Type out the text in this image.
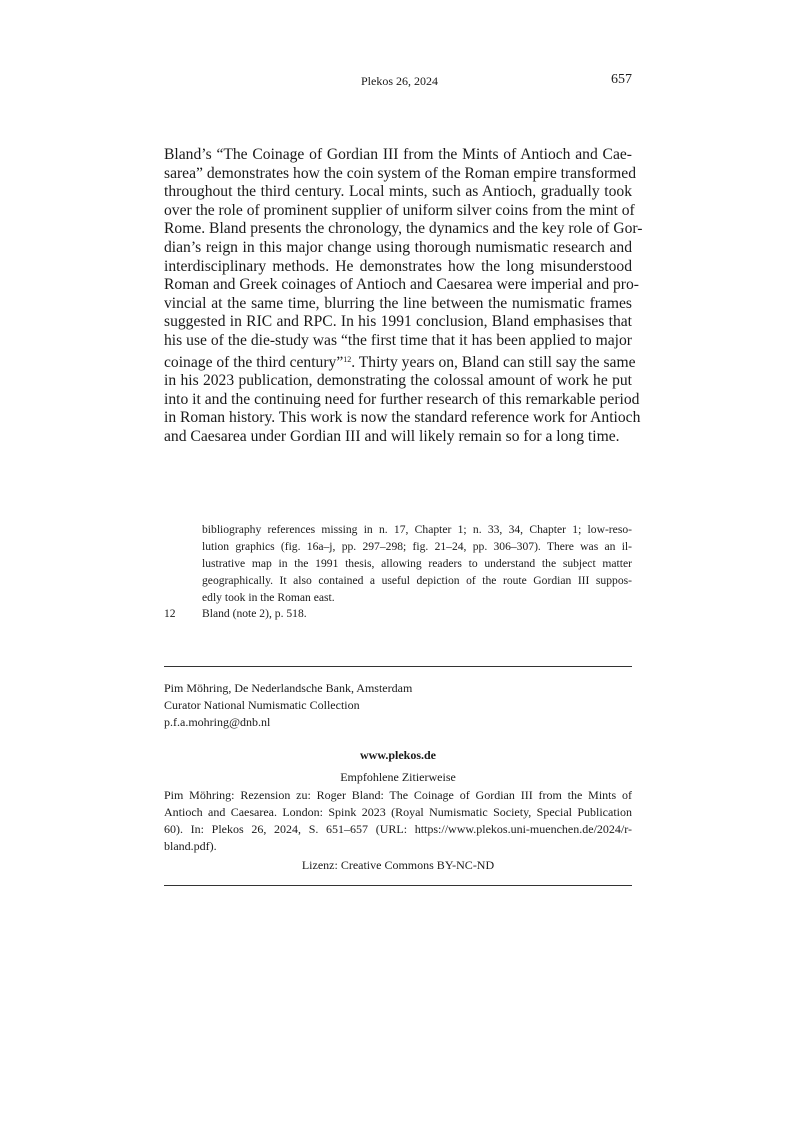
Plekos 26, 2024	657
Bland’s “The Coinage of Gordian III from the Mints of Antioch and Cae-
sarea” demonstrates how the coin system of the Roman empire transformed
throughout the third century. Local mints, such as Antioch, gradually took
over the role of prominent supplier of uniform silver coins from the mint of
Rome. Bland presents the chronology, the dynamics and the key role of Gor-
dian’s reign in this major change using thorough numismatic research and
interdisciplinary methods. He demonstrates how the long misunderstood
Roman and Greek coinages of Antioch and Caesarea were imperial and pro-
vincial at the same time, blurring the line between the numismatic frames
suggested in RIC and RPC. In his 1991 conclusion, Bland emphasises that
his use of the die-study was “the first time that it has been applied to major
coinage of the third century”$^{12}$. Thirty years on, Bland can still say the same
in his 2023 publication, demonstrating the colossal amount of work he put
into it and the continuing need for further research of this remarkable period
in Roman history. This work is now the standard reference work for Antioch
and Caesarea under Gordian III and will likely remain so for a long time.
bibliography references missing in n. 17, Chapter 1; n. 33, 34, Chapter 1; low-reso-
lution graphics (fig. 16a–j, pp. 297–298; fig. 21–24, pp. 306–307). There was an il-
lustrative map in the 1991 thesis, allowing readers to understand the subject matter
geographically. It also contained a useful depiction of the route Gordian III suppos-
edly took in the Roman east.
12 Bland (note 2), p. 518.
Pim Möhring, De Nederlandsche Bank, Amsterdam
Curator National Numismatic Collection
p.f.a.mohring@dnb.nl
www.plekos.de
Empfohlene Zitierweise
Pim Möhring: Rezension zu: Roger Bland: The Coinage of Gordian III from the Mints of
Antioch and Caesarea. London: Spink 2023 (Royal Numismatic Society, Special Publication
60). In: Plekos 26, 2024, S. 651–657 (URL: https://www.plekos.uni-muenchen.de/2024/r-
bland.pdf).
Lizenz: Creative Commons BY-NC-ND
